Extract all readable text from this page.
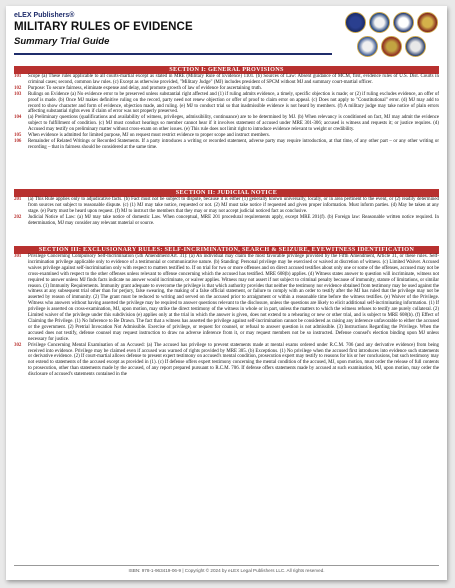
eLEX Publishers®
MILITARY RULES OF EVIDENCE
Summary Trial Guide
SECTION I: GENERAL PROVISIONS
101 Scope (a) These rules applicable to all courts-martial except as stated in MRE (Military Rule of Evidence) 1101. (b) Sources of Law: Absent guidance of MCM, first, evidence rules of U.S. Dist. Courts in criminal cases; second, common law rules. (c) Except as otherwise provided, "Military Judge" (MJ) includes president of SPCM without MJ and summary court-martial officer.
102 Purpose: To secure fairness, eliminate expense and delay, and promote growth of law of evidence for ascertaining truth.
103 Rulings on Evidence (a) No evidence error to be preserved unless substantial right affected and (1) if ruling admits evidence, a timely, specific objection is made; or (2) if ruling excludes evidence, an offer of proof is made. (b) Once MJ makes definitive ruling on the record, party need not renew objection or offer of proof to claim error on appeal. (c) Does not apply to "Constitutional" error. (d) MJ may add to record to show character and form of evidence, objection made, and ruling. (e) MJ to conduct trial so that inadmissible evidence is not heard by members. (f) A military judge may take notice of plain errors affecting substantial rights even if claim of error was not properly preserved.
104 (a) Preliminary questions (qualifications and availability of witness, privileges, admissibility, continuance) are to be determined by MJ. (b) When relevancy is conditioned on fact, MJ may admit the evidence subject to fulfillment of condition. (c) MJ must conduct hearings so member cannot hear if it involves statement of accused under MRE 301-306; accused is witness and requests it; or justice requires. (d) Accused may testify on preliminary matter without cross-exam on other issues. (e) This rule does not limit right to introduce evidence relevant to weight or credibility.
105 When evidence is admitted for limited purpose, MJ on request must restrict evidence to proper scope and instruct members.
106 Remainder of Related Writings or Recorded Statements. If a party introduces a writing or recorded statement, adverse party may require introduction, at that time, of any other part – or any other writing or recording – that in fairness should be considered at the same time.
SECTION II: JUDICIAL NOTICE
201 (a) This Rule applies only to adjudicative facts. (b) Fact must not be subject to dispute, because it is either (1) generally known universally, locally, or in area pertinent to the event, or (2) readily determined from sources not subject to reasonable dispute. (c) (1) MJ may take notice, requested or not. (2) MJ must take notice if requested and given proper information. Must inform parties. (d) May be taken at any stage. (e) Party must be heard upon request. (f) MJ to instruct the members that they may or may not accept judicial noticed fact as conclusive.
202 Judicial Notice of Law: (a) MJ may take notice of domestic Law. When conceptual, MRE 201 procedural requirements apply, except MRE 201(f). (b) Foreign law: Reasonable written notice required. In determination, MJ may consider any relevant material or source.
SECTION III: EXCLUSIONARY RULES: SELF-INCRIMINATION, SEARCH & SEIZURE, EYEWITNESS IDENTIFICATION
301 Privilege Concerning Compulsory Self-Incrimination (5th Amendment/Art. 31): (a) An individual may claim the most favorable privilege provided by the Fifth Amendment, Article 31, or these rules. Self-incrimination privilege applicable only to evidence of a testimonial or communicative nature. (b) Standing: Personal privilege may be exercised or waived at discretion of witness. (c) Limited Waiver. Accused waives privilege against self-incrimination only with respect to matters testified to. If on trial for two or more offenses and on direct accused testifies about only one or some of the offenses, accused may not be cross-examined with respect to the other offenses unless relevant to offense concerning which the accused has testified. MRE 608(b) applies. (d) Witness states answer to question will incriminate, witness not required to answer unless MJ finds facts indicate no answer would incriminate, or waiver applies. Witness may not assert if not subject to criminal penalty because of immunity, statute of limitations, or similar reason. (1) Immunity Requirements. Immunity grant adequate to overcome the privilege is that which authority provides that neither the testimony nor evidence obtained from testimony may be used against the witness at any subsequent trial other than for perjury, false swearing, the making of a false official statement, or failure to comply with an order to testify after the MJ has ruled that the privilege may not be asserted by reason of immunity. (2) The grant must be reduced to writing and served on the accused prior to arraignment or within a reasonable time before the witness testifies. (e) Waiver of the Privilege. Witness who answers without having asserted the privilege may be required to answer questions relevant to the disclosure, unless the questions are likely to elicit additional self-incriminating information. (1) If privilege is asserted on cross-examination, MJ, upon motion, may strike the direct testimony of the witness in whole or in part, unless the matters to which the witness refuses to testify are purely collateral. (2) Limited waiver of the privilege under this subdivision (e) applies only at the trial in which the answer is given, does not extend to a rehearing or new or other trial, and is subject to MRE 608(b). (f) Effect of Claiming the Privilege. (1) No Inference to Be Drawn. The fact that a witness has asserted the privilege against self-incrimination cannot be considered as raising any inference unfavorable to either the accused or the government. (2) Pretrial Invocation Not Admissible. Exercise of privilege, or request for counsel, or refusal to answer question is not admissible. (3) Instructions Regarding the Privilege. When the accused does not testify, defense counsel may request instruction to draw no adverse inference from it, or may request members not be so instructed. Defense counsel's election binding upon MJ unless necessary for justice.
302 Privilege Concerning Mental Examination of an Accused: (a) The accused has privilege to prevent statements made at mental exams ordered under R.C.M. 706 (and any derivative evidence) from being received into evidence. Privilege may be claimed even if accused was warned of rights provided by MRE 305. (b) Exceptions. (1) No privilege when the accused first introduces into evidence such statements or derivative evidence. (2) If court-martial allows defense to present expert testimony on accused's mental condition, prosecution expert may testify to reasons for his or her conclusions, but such testimony may not extend to statements of the accused except as provided in (1). (c) If defense offers expert testimony concerning the mental condition of the accused, MJ, upon motion, must order the release of full contents to prosecution, other than statements made by the accused, of any report prepared pursuant to R.C.M. 706. If defense offers statements made by accused at such examination, MJ, upon motion, may order the disclosure of accused's statements contained in the
ISBN: 978-1-963419-06-9 | Copyright © 2024 by eLEX Legal Publishers LLC. All rights reserved.
